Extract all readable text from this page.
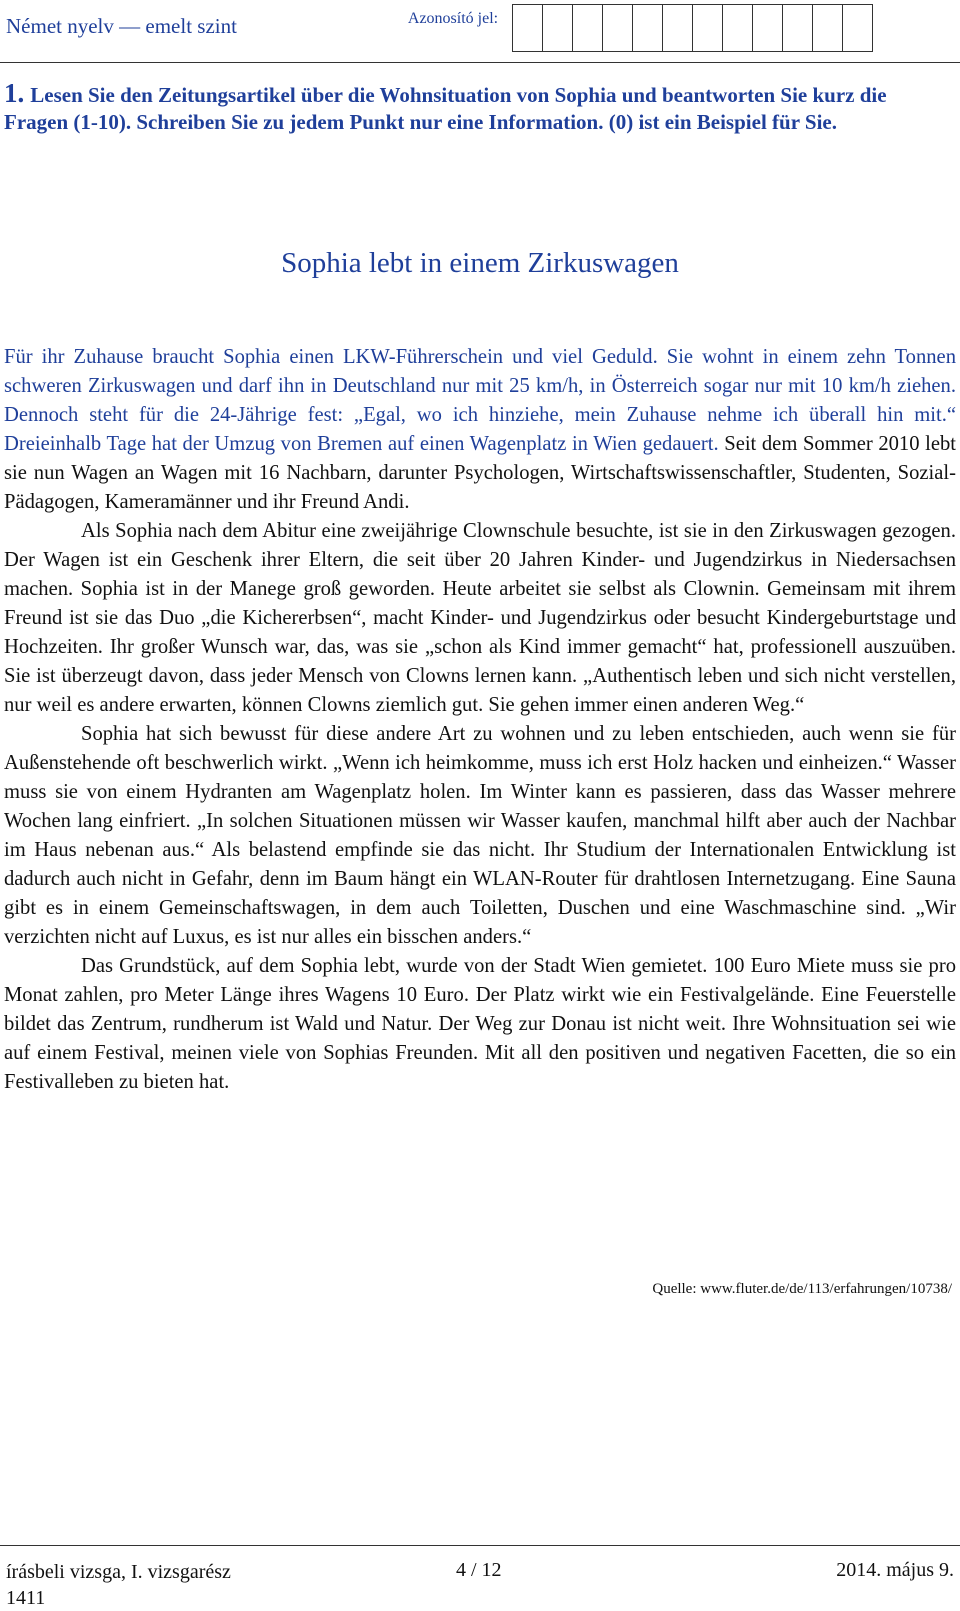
Német nyelv — emelt szint	Azonosító jel:
1. Lesen Sie den Zeitungsartikel über die Wohnsituation von Sophia und beantworten Sie kurz die Fragen (1-10). Schreiben Sie zu jedem Punkt nur eine Information. (0) ist ein Beispiel für Sie.
Sophia lebt in einem Zirkuswagen

Für ihr Zuhause braucht Sophia einen LKW-Führerschein und viel Geduld. Sie wohnt in einem zehn Tonnen schweren Zirkuswagen und darf ihn in Deutschland nur mit 25 km/h, in Österreich sogar nur mit 10 km/h ziehen. Dennoch steht für die 24-Jährige fest: „Egal, wo ich hinziehe, mein Zuhause nehme ich überall hin mit.“ Dreieinhalb Tage hat der Umzug von Bremen auf einen Wagenplatz in Wien gedauert. Seit dem Sommer 2010 lebt sie nun Wagen an Wagen mit 16 Nachbarn, darunter Psychologen, Wirtschaftswissenschaftler, Studenten, Sozial-Pädagogen, Kameramänner und ihr Freund Andi.

Als Sophia nach dem Abitur eine zweijährige Clownschule besuchte, ist sie in den Zirkuswagen gezogen. Der Wagen ist ein Geschenk ihrer Eltern, die seit über 20 Jahren Kinder- und Jugendzirkus in Niedersachsen machen. Sophia ist in der Manege groß geworden. Heute arbeitet sie selbst als Clownin. Gemeinsam mit ihrem Freund ist sie das Duo „die Kichererbsen“, macht Kinder- und Jugendzirkus oder besucht Kindergeburtstage und Hochzeiten. Ihr großer Wunsch war, das, was sie „schon als Kind immer gemacht“ hat, professionell auszuüben. Sie ist überzeugt davon, dass jeder Mensch von Clowns lernen kann. „Authentisch leben und sich nicht verstellen, nur weil es andere erwarten, können Clowns ziemlich gut. Sie gehen immer einen anderen Weg.“

Sophia hat sich bewusst für diese andere Art zu wohnen und zu leben entschieden, auch wenn sie für Außenstehende oft beschwerlich wirkt. „Wenn ich heimkomme, muss ich erst Holz hacken und einheizen.“ Wasser muss sie von einem Hydranten am Wagenplatz holen. Im Winter kann es passieren, dass das Wasser mehrere Wochen lang einfriert. „In solchen Situationen müssen wir Wasser kaufen, manchmal hilft aber auch der Nachbar im Haus nebenan aus.“ Als belastend empfinde sie das nicht. Ihr Studium der Internationalen Entwicklung ist dadurch auch nicht in Gefahr, denn im Baum hängt ein WLAN-Router für drahtlosen Internetzugang. Eine Sauna gibt es in einem Gemeinschaftswagen, in dem auch Toiletten, Duschen und eine Waschmaschine sind. „Wir verzichten nicht auf Luxus, es ist nur alles ein bisschen anders.“

Das Grundstück, auf dem Sophia lebt, wurde von der Stadt Wien gemietet. 100 Euro Miete muss sie pro Monat zahlen, pro Meter Länge ihres Wagens 10 Euro. Der Platz wirkt wie ein Festivalgelände. Eine Feuerstelle bildet das Zentrum, rundherum ist Wald und Natur. Der Weg zur Donau ist nicht weit. Ihre Wohnsituation sei wie auf einem Festival, meinen viele von Sophias Freunden. Mit all den positiven und negativen Facetten, die so ein Festivalleben zu bieten hat.

Quelle: www.fluter.de/de/113/erfahrungen/10738/
írásbeli vizsga, I. vizsgarész
1411
4 / 12	2014. május 9.
